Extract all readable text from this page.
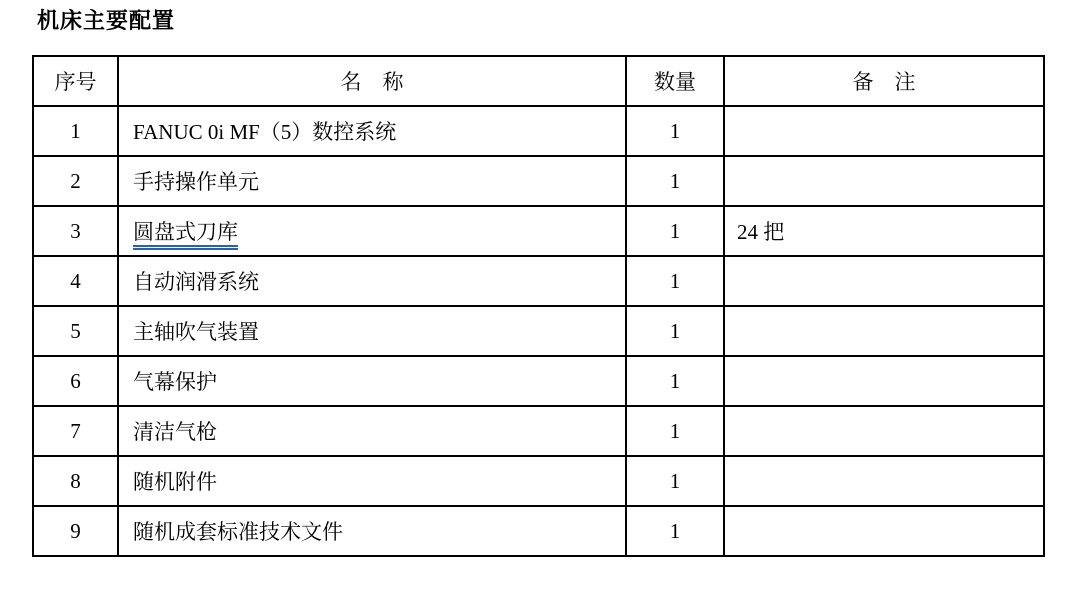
机床主要配置
序号	名　称	数量	备　注
1	FANUC 0i MF（5）数控系统	1	
2	手持操作单元	1	
3	圆盘式刀库	1	24 把
4	自动润滑系统	1	
5	主轴吹气装置	1	
6	气幕保护	1	
7	清洁气枪	1	
8	随机附件	1	
9	随机成套标准技术文件	1	
